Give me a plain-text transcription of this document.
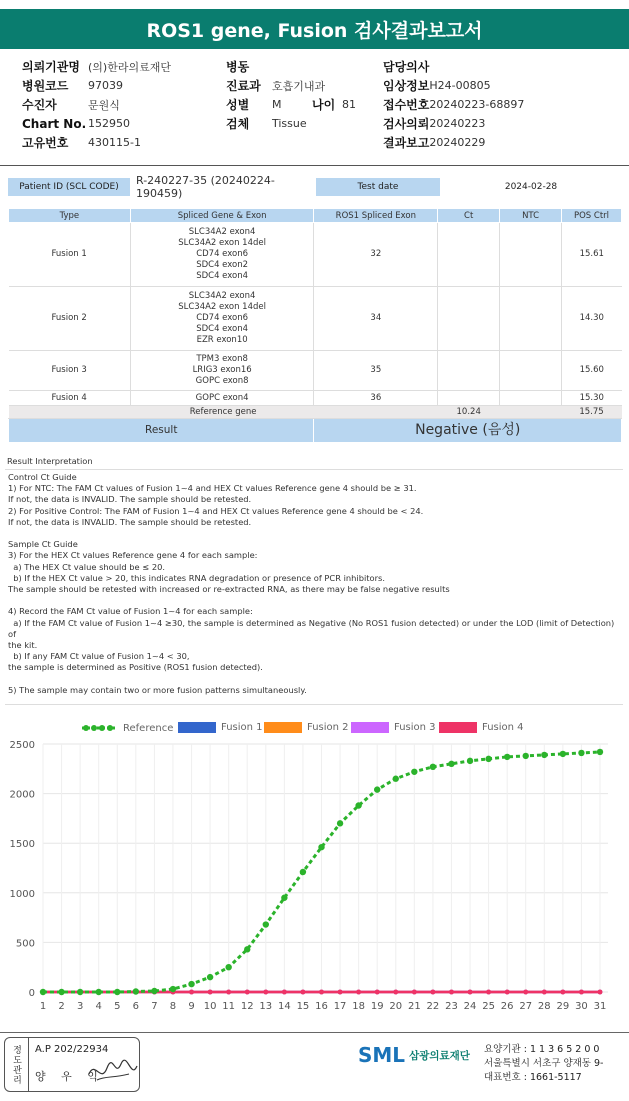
ROS1 gene, Fusion 검사결과보고서
의뢰기관명 (의)한라의료재단
병원코드	97039
수진자	문원식
Chart No. 152950
고유번호	430115-1
병동
진료과	호흡기내과
성별	M	나이 81
검체	Tissue
담당의사
임상정보 H24-00805
접수번호 20240223-68897
검사의뢰 20240223
결과보고 20240229
Patient ID (SCL CODE)	R-240227-35 (20240224-190459)	Test date	2024-02-28
Type	Spliced Gene & Exon	ROS1 Spliced Exon	Ct	NTC	POS Ctrl
Fusion 1	SLC34A2 exon4
SLC34A2 exon 14del
CD74 exon6
SDC4 exon2
SDC4 exon4	32			15.61
Fusion 2	SLC34A2 exon4
SLC34A2 exon 14del
CD74 exon6
SDC4 exon4
EZR exon10	34			14.30
Fusion 3	TPM3 exon8
LRIG3 exon16
GOPC exon8	35			15.60
Fusion 4	GOPC exon4	36			15.30
Reference gene			10.24		15.75
Result		Negative (음성)			
Result Interpretation

Control Ct Guide
1) For NTC: The FAM Ct values of Fusion 1~4 and HEX Ct values Reference gene 4 should be ≥ 31.
If not, the data is INVALID. The sample should be retested.
2) For Positive Control: The FAM of Fusion 1~4 and HEX Ct values Reference gene 4 should be < 24.
If not, the data is INVALID. The sample should be retested.

Sample Ct Guide
3) For the HEX Ct values Reference gene 4 for each sample:
a) The HEX Ct value should be ≤ 20.
b) If the HEX Ct value > 20, this indicates RNA degradation or presence of PCR inhibitors.
The sample should be retested with increased or re-extracted RNA, as there may be false negative results

4) Record the FAM Ct value of Fusion 1~4 for each sample:
a) If the FAM Ct value of Fusion 1~4 ≥30, the sample is determined as Negative (No ROS1 fusion detected) or under the LOD (limit of Detection) of
the kit.
b) If any FAM Ct value of Fusion 1~4 < 30,
the sample is determined as Positive (ROS1 fusion detected).

5) The sample may contain two or more fusion patterns simultaneously.

Reference	Fusion 1	Fusion 2	Fusion 3	Fusion 4
0
500
1000
1500
2000
2500
1 2 3 4 5 6 7 8 9 10 11 12 13 14 15 16 17 18 19 20 21 22 23 24 25 26 27 28 29 30 31
정도관리	A.P 202/22934
양 우 익
SML 삼광의료재단 요양기관 : 1 1 3 6 5 2 0 0
서울특별시 서초구 양재동 9-
대표번호 : 1661-5117
